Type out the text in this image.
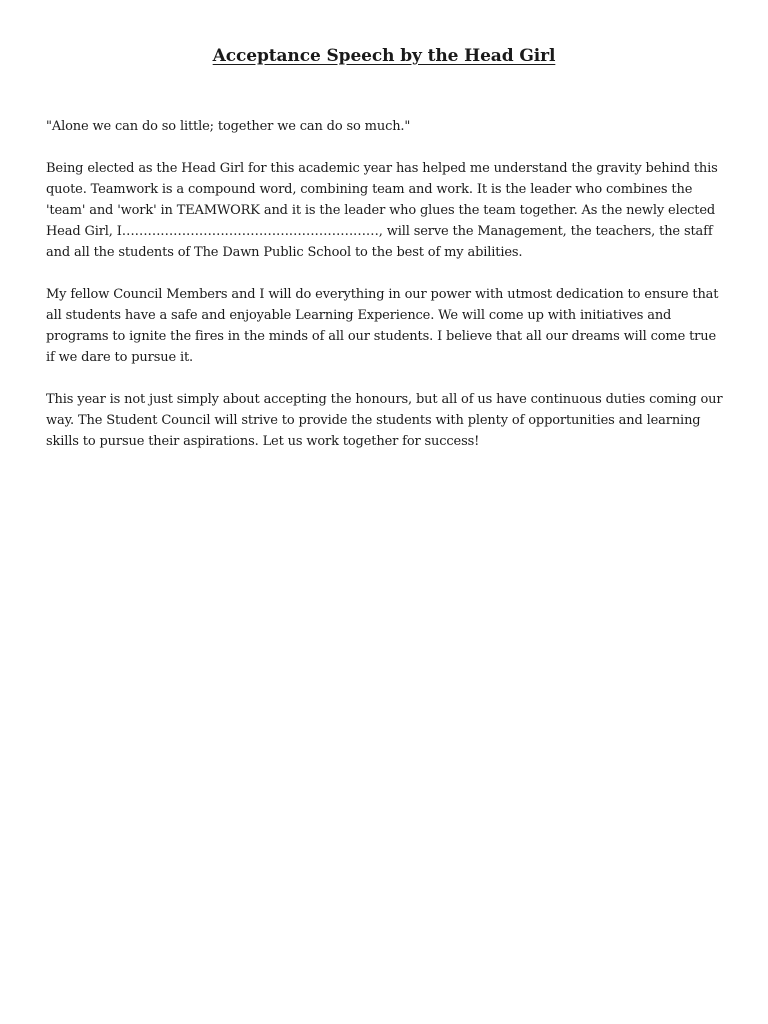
Acceptance Speech by the Head Girl

"Alone we can do so little; together we can do so much."

Being elected as the Head Girl for this academic year has helped me understand the gravity behind this quote. Teamwork is a compound word, combining team and work. It is the leader who combines the 'team' and 'work' in TEAMWORK and it is the leader who glues the team together. As the newly elected Head Girl, I……………………………………………………, will serve the Management, the teachers, the staff and all the students of The Dawn Public School to the best of my abilities.

My fellow Council Members and I will do everything in our power with utmost dedication to ensure that all students have a safe and enjoyable Learning Experience. We will come up with initiatives and programs to ignite the fires in the minds of all our students. I believe that all our dreams will come true if we dare to pursue it.

This year is not just simply about accepting the honours, but all of us have continuous duties coming our way. The Student Council will strive to provide the students with plenty of opportunities and learning skills to pursue their aspirations. Let us work together for success!
